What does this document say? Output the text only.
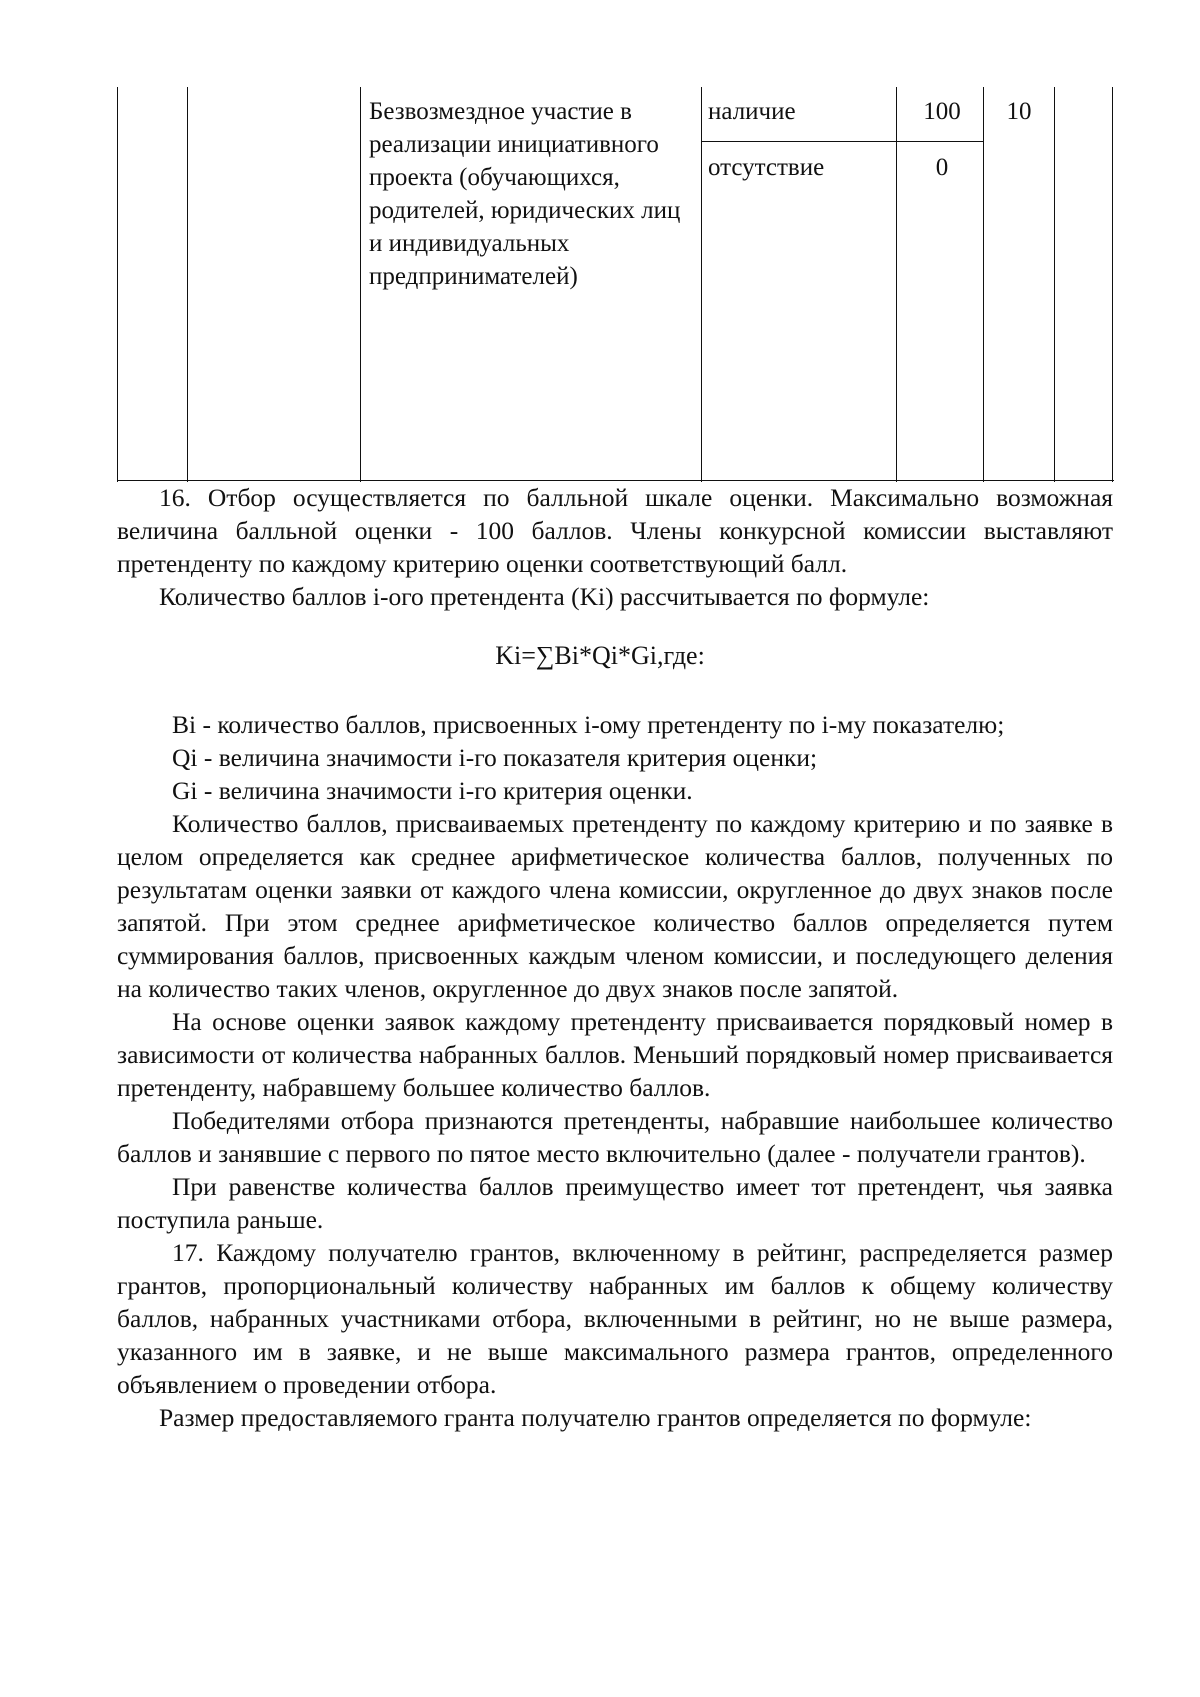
Безвозмездное участие в реализации инициативного проекта (обучающихся, родителей, юридических лиц и индивидуальных предпринимателей)
наличие	100
отсутствие	0
10

16. Отбор осуществляется по балльной шкале оценки. Максимально возможная величина балльной оценки - 100 баллов. Члены конкурсной комиссии выставляют претенденту по каждому критерию оценки соответствующий балл.

Количество баллов i-ого претендента (Ki) рассчитывается по формуле:

Ki=∑Bi*Qi*Gi,где:

Bi - количество баллов, присвоенных i-ому претенденту по i-му показателю;

Qi - величина значимости i-го показателя критерия оценки;

Gi - величина значимости i-го критерия оценки.

Количество баллов, присваиваемых претенденту по каждому критерию и по заявке в целом определяется как среднее арифметическое количества баллов, полученных по результатам оценки заявки от каждого члена комиссии, округленное до двух знаков после запятой. При этом среднее арифметическое количество баллов определяется путем суммирования баллов, присвоенных каждым членом комиссии, и последующего деления на количество таких членов, округленное до двух знаков после запятой.

На основе оценки заявок каждому претенденту присваивается порядковый номер в зависимости от количества набранных баллов. Меньший порядковый номер присваивается претенденту, набравшему большее количество баллов.

Победителями отбора признаются претенденты, набравшие наибольшее количество баллов и занявшие с первого по пятое место включительно (далее - получатели грантов).

При равенстве количества баллов преимущество имеет тот претендент, чья заявка поступила раньше.

17. Каждому получателю грантов, включенному в рейтинг, распределяется размер грантов, пропорциональный количеству набранных им баллов к общему количеству баллов, набранных участниками отбора, включенными в рейтинг, но не выше размера, указанного им в заявке, и не выше максимального размера грантов, определенного объявлением о проведении отбора.

Размер предоставляемого гранта получателю грантов определяется по формуле:
